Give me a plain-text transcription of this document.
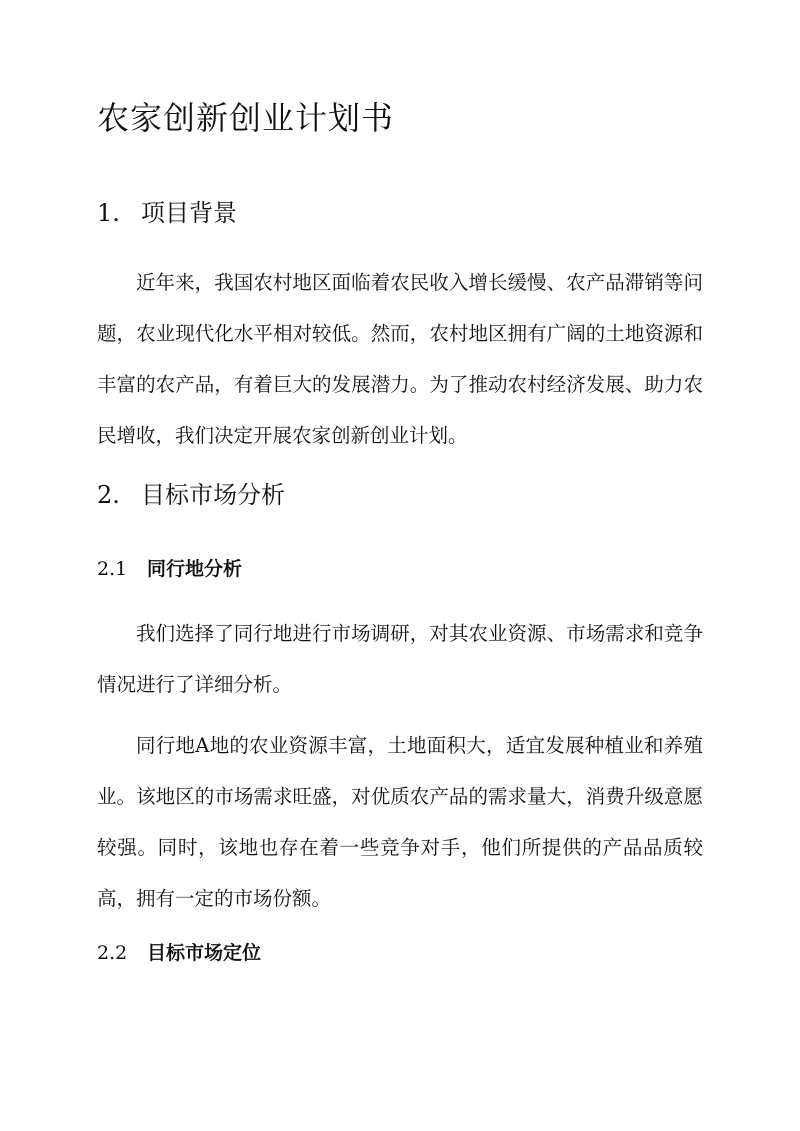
农家创新创业计划书
1. 项目背景

近年来，我国农村地区面临着农民收入增长缓慢、农产品滞销等问题，农业现代化水平相对较低。然而，农村地区拥有广阔的土地资源和丰富的农产品，有着巨大的发展潜力。为了推动农村经济发展、助力农民增收，我们决定开展农家创新创业计划。

2. 目标市场分析
2.1 同行地分析

我们选择了同行地进行市场调研，对其农业资源、市场需求和竞争情况进行了详细分析。

同行地A地的农业资源丰富，土地面积大，适宜发展种植业和养殖业。该地区的市场需求旺盛，对优质农产品的需求量大，消费升级意愿较强。同时，该地也存在着一些竞争对手，他们所提供的产品品质较高，拥有一定的市场份额。

2.2 目标市场定位
